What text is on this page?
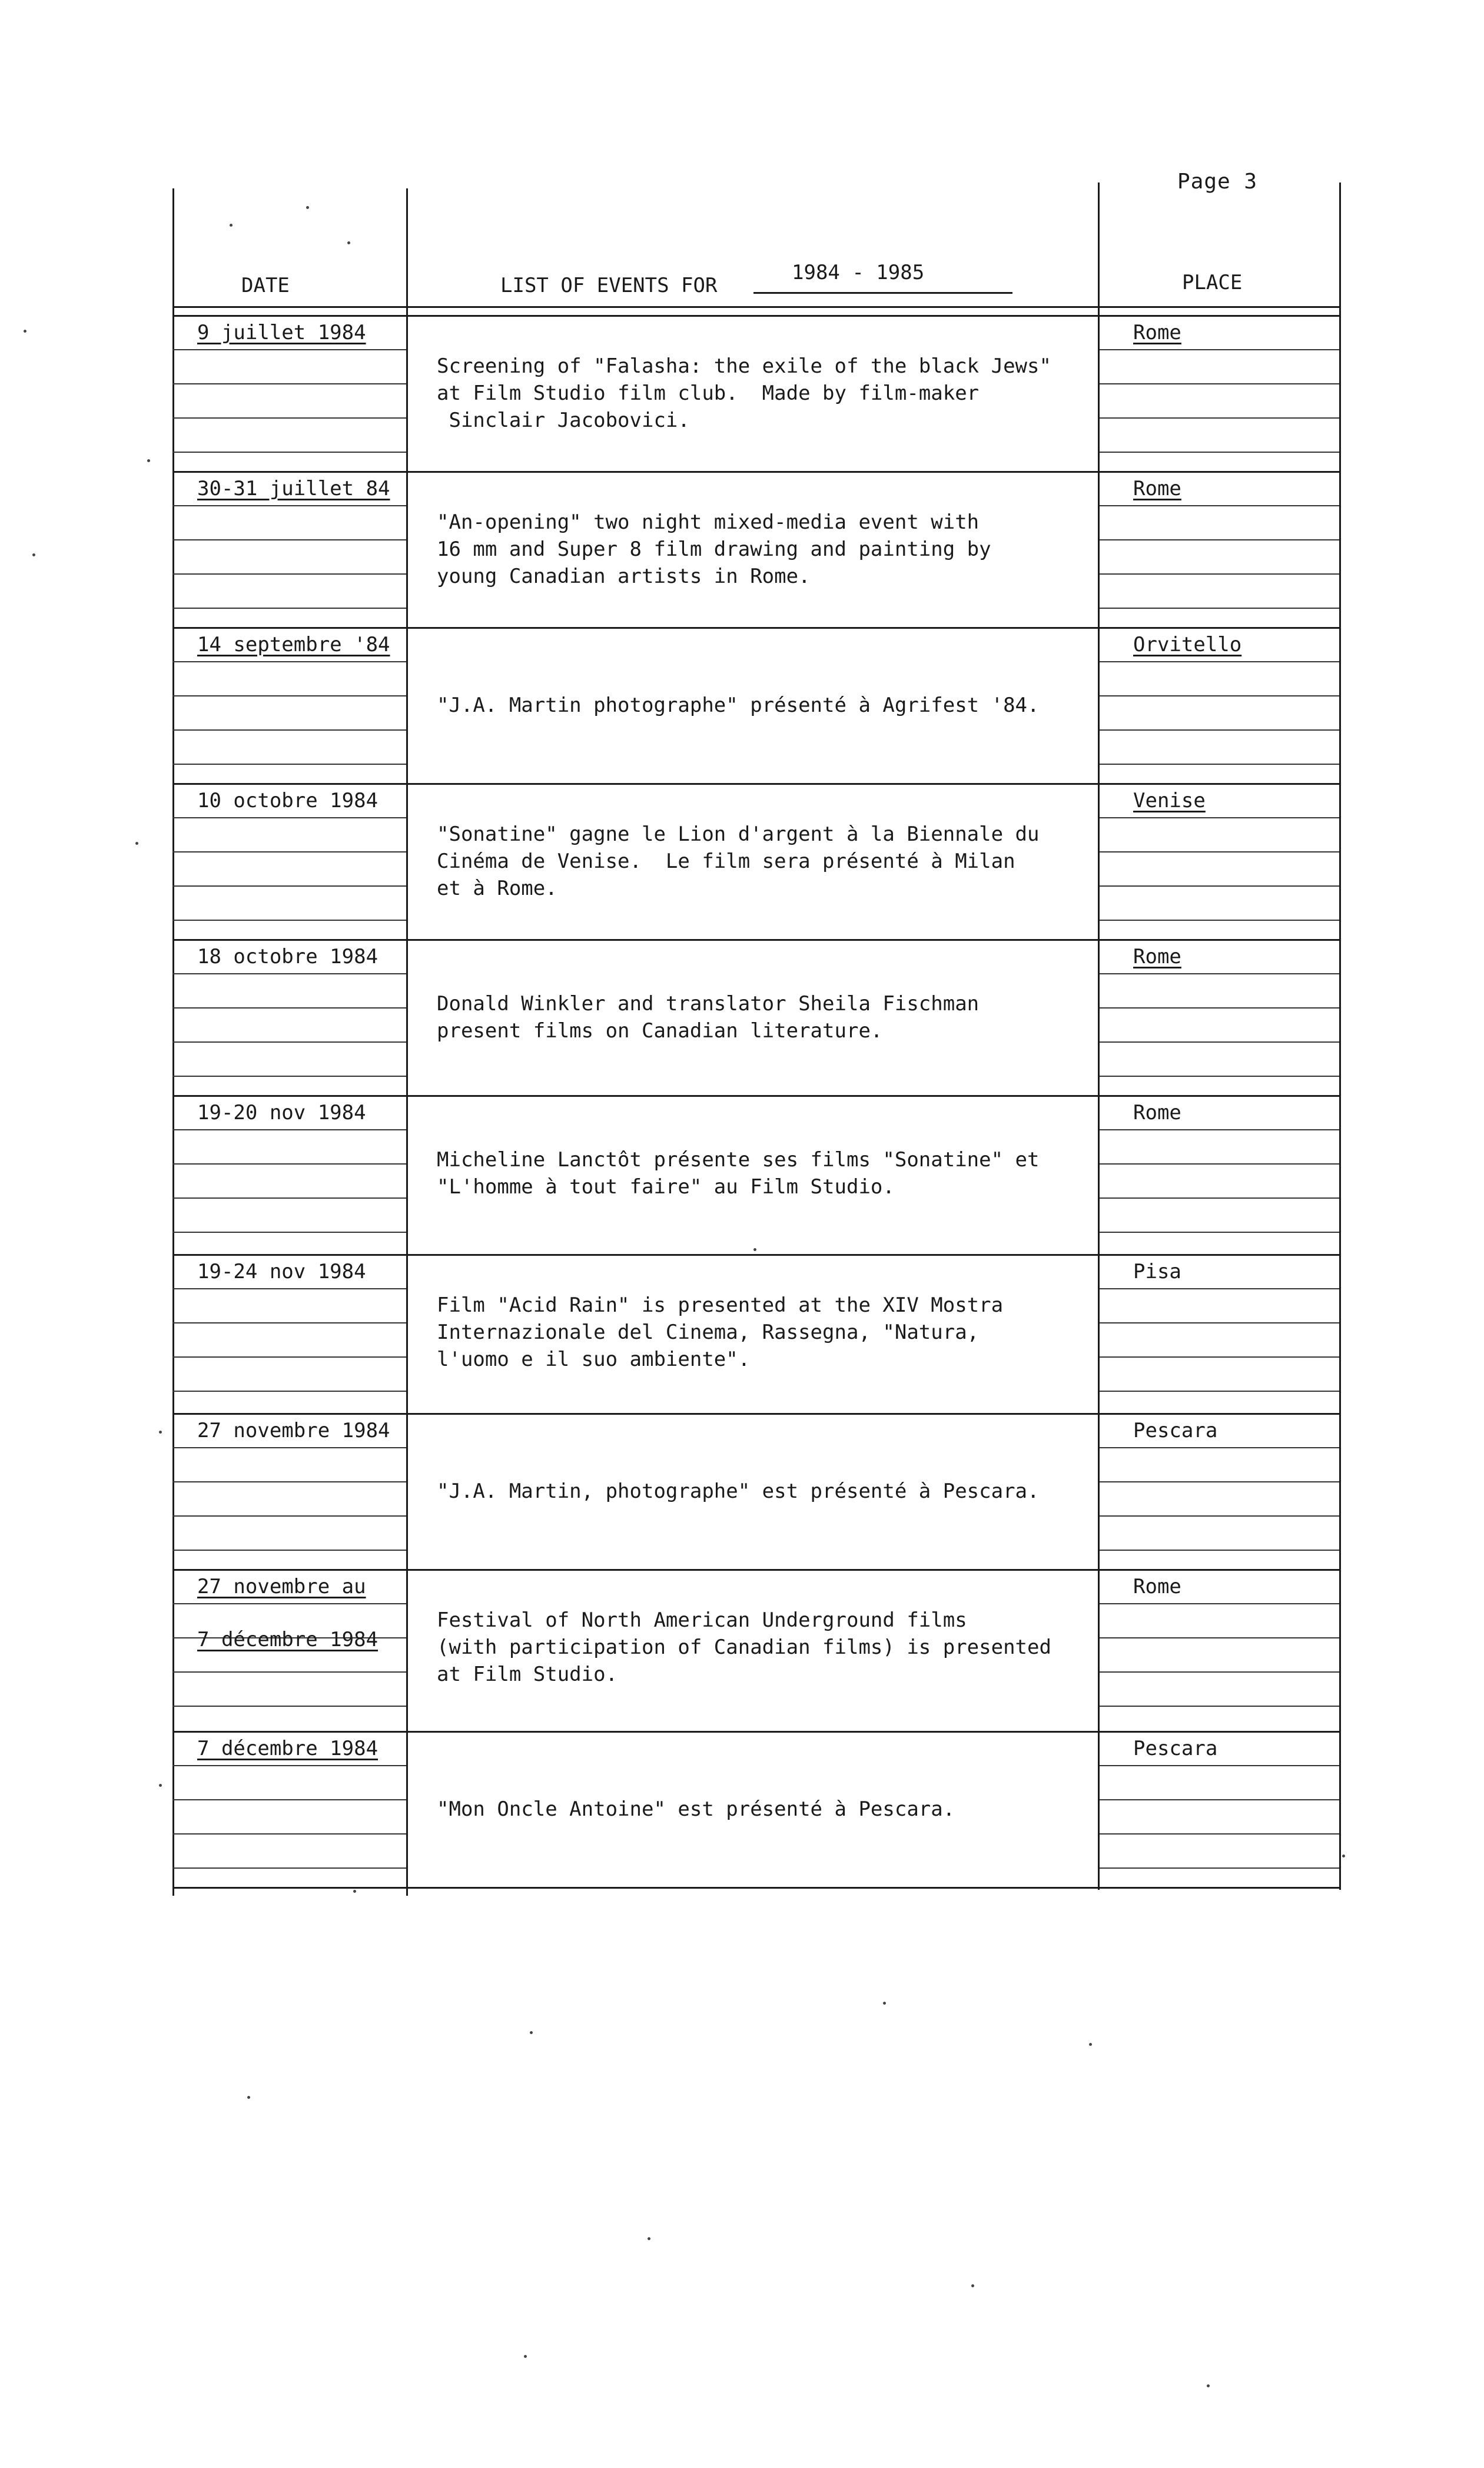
Page 3
DATE	LIST OF EVENTS FOR
1984 - 1985	PLACE
9 juillet 1984
Screening of "Falasha: the exile of the black Jews"
at Film Studio film club.  Made by film-maker
Sinclair Jacobovici.
Rome
30-31 juillet 84
"An-opening" two night mixed-media event with
16 mm and Super 8 film drawing and painting by
young Canadian artists in Rome.
Rome
14 septembre '84
"J.A. Martin photographe" présenté à Agrifest '84.
Orvitello
10 octobre 1984
"Sonatine" gagne le Lion d'argent à la Biennale du
Cinéma de Venise.  Le film sera présenté à Milan
et à Rome.
Venise
18 octobre 1984
Donald Winkler and translator Sheila Fischman
present films on Canadian literature.
Rome
19-20 nov 1984
Micheline Lanctôt présente ses films "Sonatine" et
"L'homme à tout faire" au Film Studio.
Rome
19-24 nov 1984
Film "Acid Rain" is presented at the XIV Mostra
Internazionale del Cinema, Rassegna, "Natura,
l'uomo e il suo ambiente".
Pisa
27 novembre 1984
"J.A. Martin, photographe" est présenté à Pescara.
Pescara
27 novembre au
7 décembre 1984
Festival of North American Underground films
(with participation of Canadian films) is presented
at Film Studio.
Rome
7 décembre 1984
"Mon Oncle Antoine" est présenté à Pescara.
Pescara
